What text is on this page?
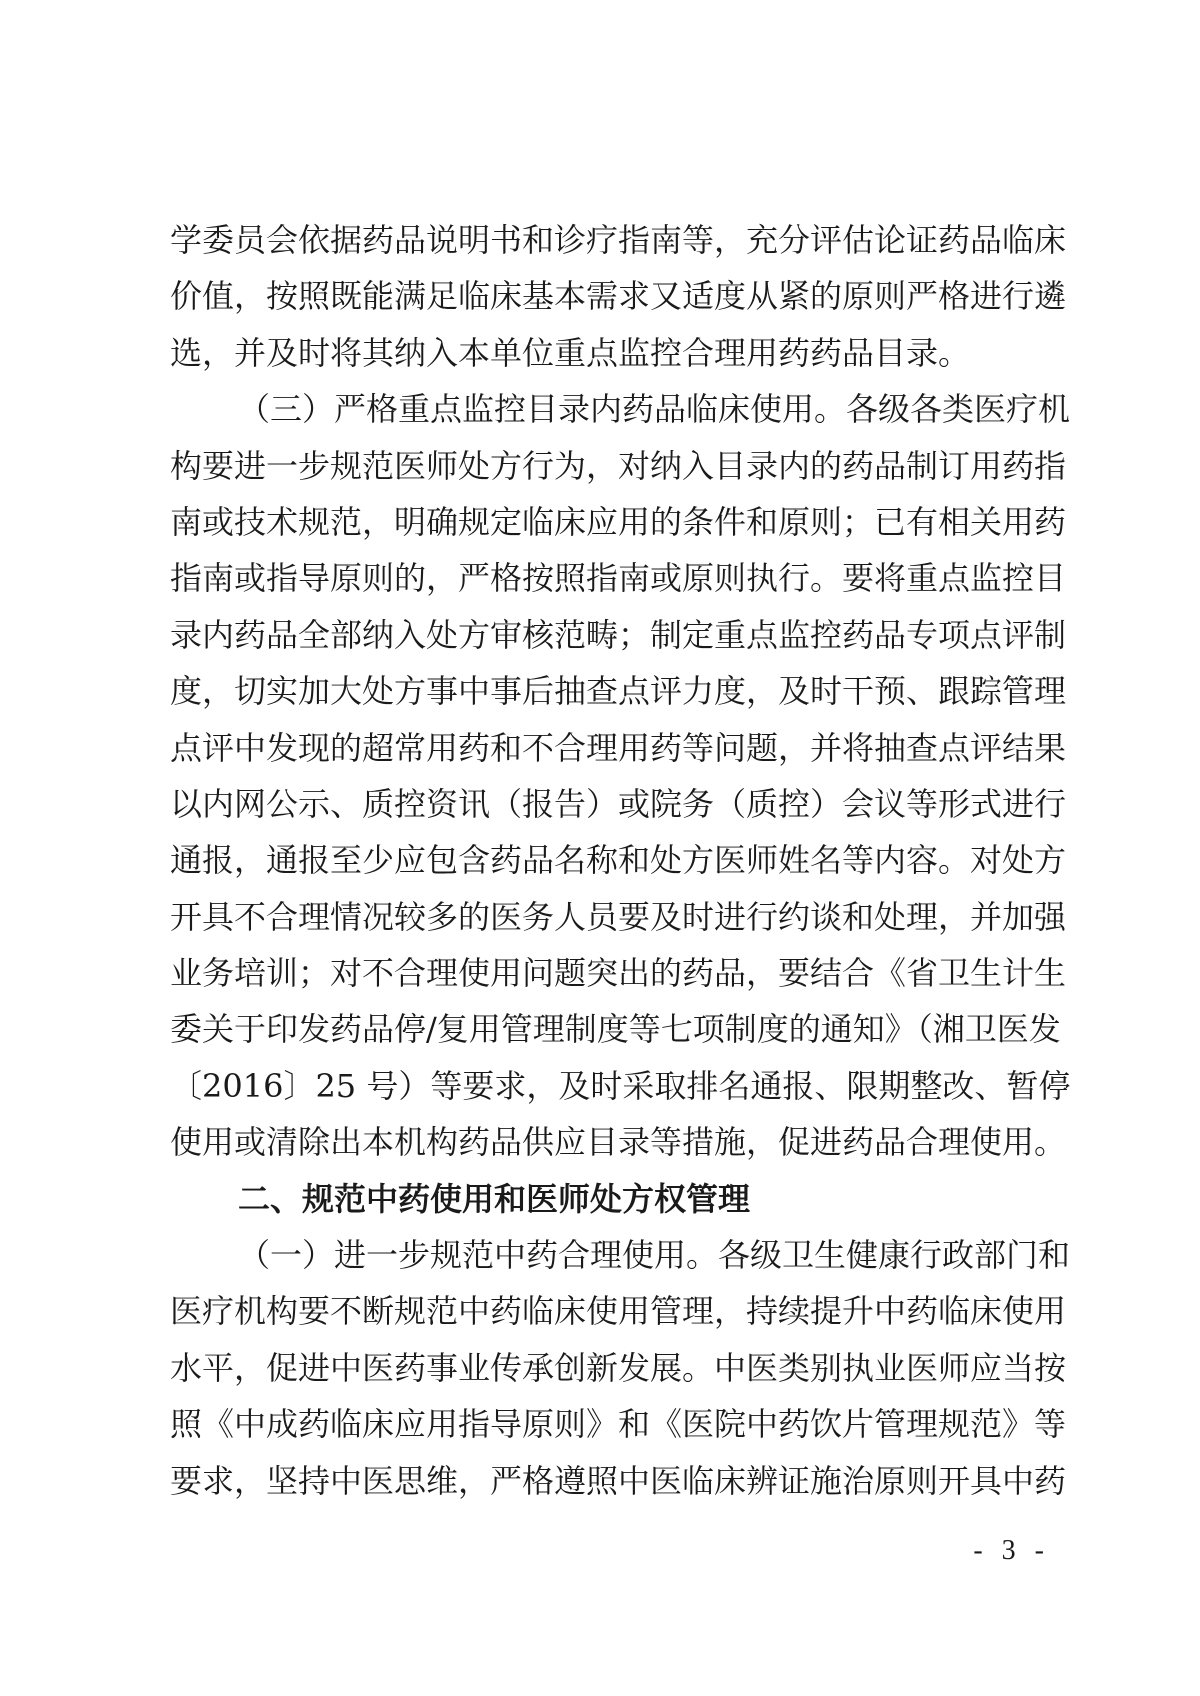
学委员会依据药品说明书和诊疗指南等，充分评估论证药品临床
价值，按照既能满足临床基本需求又适度从紧的原则严格进行遴
选，并及时将其纳入本单位重点监控合理用药药品目录。
（三）严格重点监控目录内药品临床使用。各级各类医疗机
构要进一步规范医师处方行为，对纳入目录内的药品制订用药指
南或技术规范，明确规定临床应用的条件和原则；已有相关用药
指南或指导原则的，严格按照指南或原则执行。要将重点监控目
录内药品全部纳入处方审核范畴；制定重点监控药品专项点评制
度，切实加大处方事中事后抽查点评力度，及时干预、跟踪管理
点评中发现的超常用药和不合理用药等问题，并将抽查点评结果
以内网公示、质控资讯（报告）或院务（质控）会议等形式进行
通报，通报至少应包含药品名称和处方医师姓名等内容。对处方
开具不合理情况较多的医务人员要及时进行约谈和处理，并加强
业务培训；对不合理使用问题突出的药品，要结合《省卫生计生
委关于印发药品停/复用管理制度等七项制度的通知》（湘卫医发
〔2016〕25 号）等要求，及时采取排名通报、限期整改、暂停
使用或清除出本机构药品供应目录等措施，促进药品合理使用。
二、规范中药使用和医师处方权管理
（一）进一步规范中药合理使用。各级卫生健康行政部门和
医疗机构要不断规范中药临床使用管理，持续提升中药临床使用
水平，促进中医药事业传承创新发展。中医类别执业医师应当按
照《中成药临床应用指导原则》和《医院中药饮片管理规范》等
要求，坚持中医思维，严格遵照中医临床辨证施治原则开具中药
- 3 -
